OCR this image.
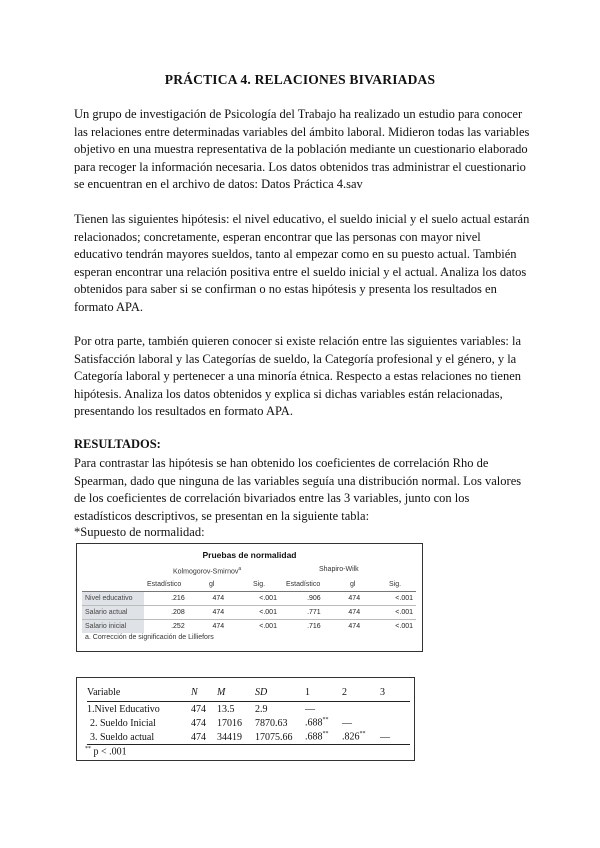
PRÁCTICA 4. RELACIONES BIVARIADAS
Un grupo de investigación de Psicología del Trabajo ha realizado un estudio para conocer las relaciones entre determinadas variables del ámbito laboral. Midieron todas las variables objetivo en una muestra representativa de la población mediante un cuestionario elaborado para recoger la información necesaria. Los datos obtenidos tras administrar el cuestionario se encuentran en el archivo de datos: Datos Práctica 4.sav
Tienen las siguientes hipótesis: el nivel educativo, el sueldo inicial y el suelo actual estarán relacionados; concretamente, esperan encontrar que las personas con mayor nivel educativo tendrán mayores sueldos, tanto al empezar como en su puesto actual. También esperan encontrar una relación positiva entre el sueldo inicial y el actual. Analiza los datos obtenidos para saber si se confirman o no estas hipótesis y presenta los resultados en formato APA.
Por otra parte, también quieren conocer si existe relación entre las siguientes variables: la Satisfacción laboral y las Categorías de sueldo, la Categoría profesional y el género, y la Categoría laboral y pertenecer a una minoría étnica. Respecto a estas relaciones no tienen hipótesis. Analiza los datos obtenidos y explica si dichas variables están relacionadas, presentando los resultados en formato APA.
RESULTADOS:
Para contrastar las hipótesis se han obtenido los coeficientes de correlación Rho de Spearman, dado que ninguna de las variables seguía una distribución normal. Los valores de los coeficientes de correlación bivariados entre las 3 variables, junto con los estadísticos descriptivos, se presentan en la siguiente tabla:
*Supuesto de normalidad:
Pruebas de normalidad
Kolmogorov-Smirnov$^a$	Shapiro-Wilk
Estadístico	gl	Sig.	Estadístico	gl	Sig.
Nivel educativo	.216	474	<.001	.906	474	<.001
Salario actual	.208	474	<.001	.771	474	<.001
Salario inicial	.252	474	<.001	.716	474	<.001
a. Corrección de significación de Lilliefors
Variable	N	M	SD	1	2	3
1.Nivel Educativo	474	13.5	2.9	—		
2. Sueldo Inicial	474	17016	7870.63	.688**	—	
3. Sueldo actual	474	34419	17075.66	.688**	.826**	—
** p < .001
